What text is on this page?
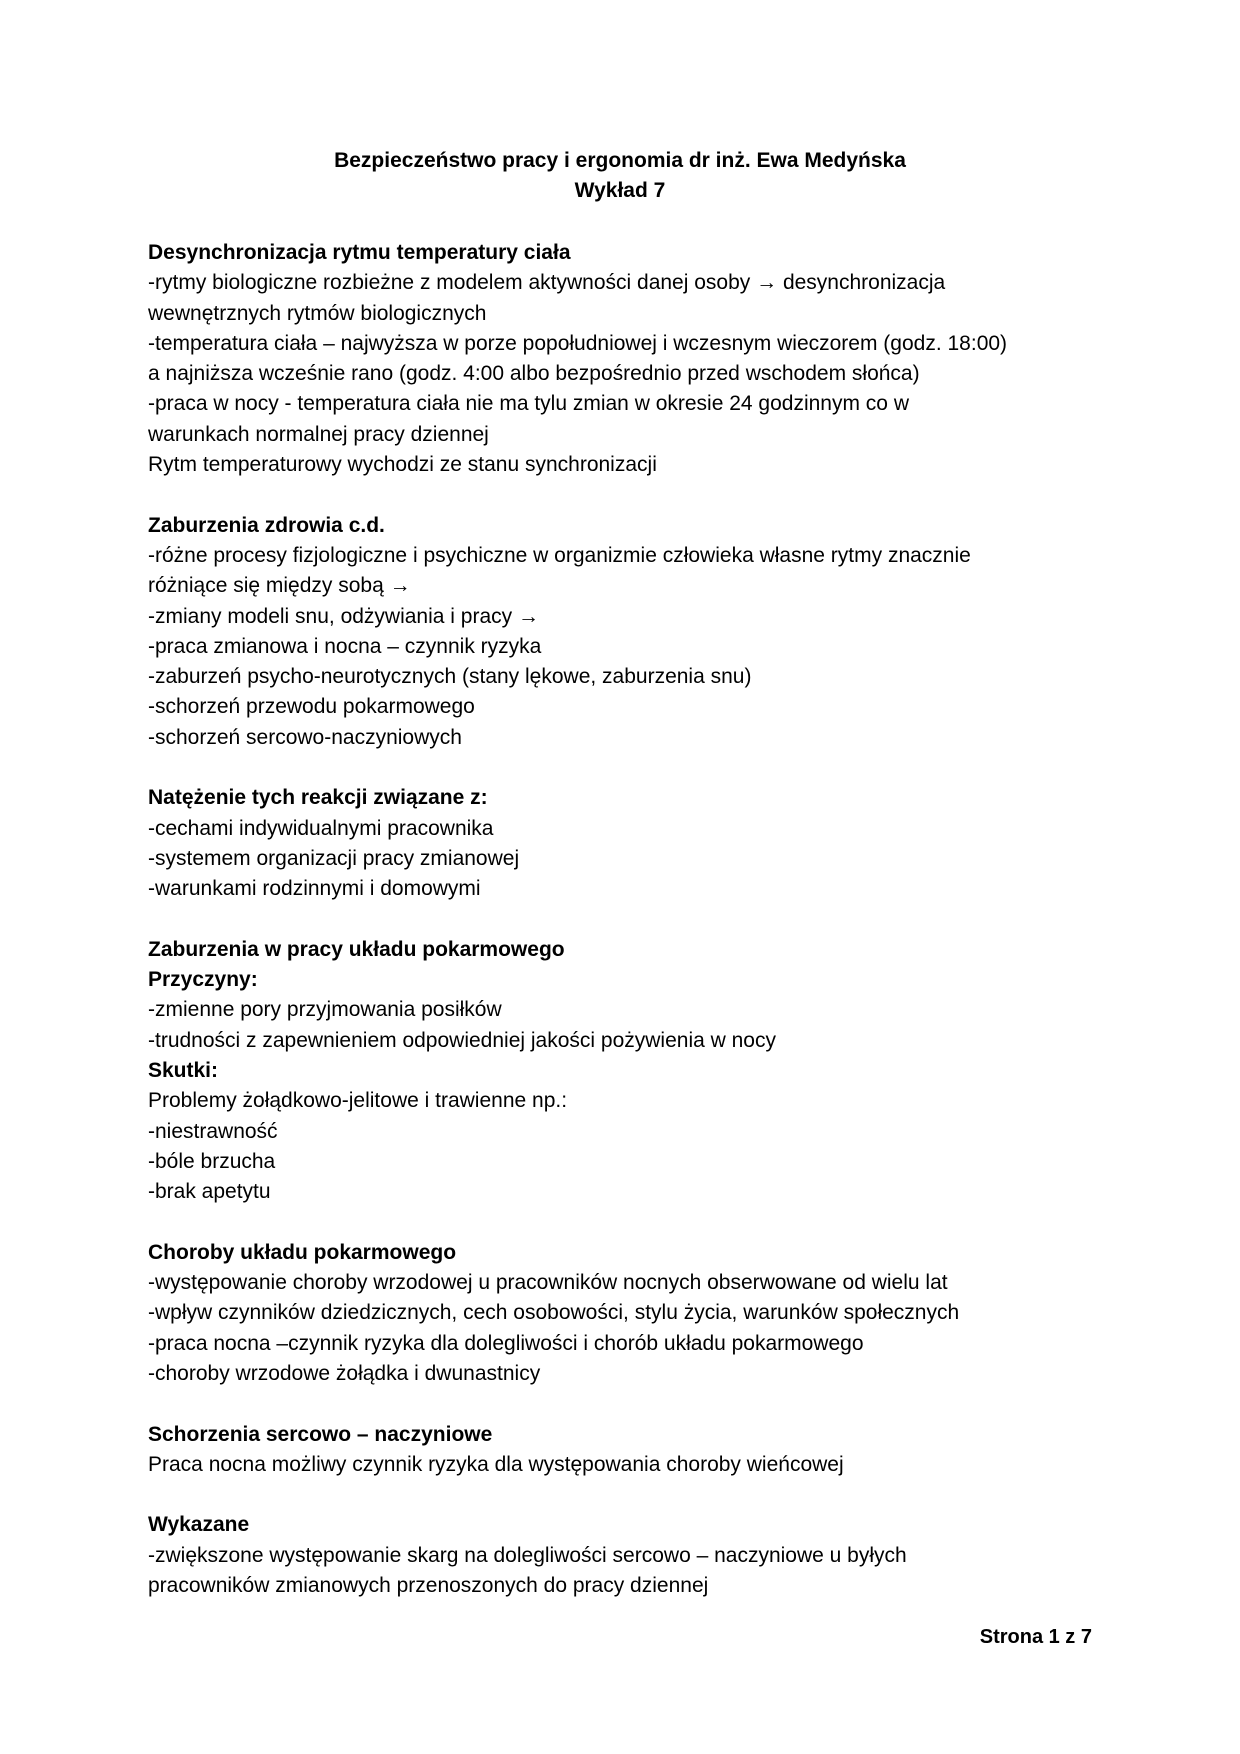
Bezpieczeństwo pracy i ergonomia dr inż. Ewa Medyńska
Wykład 7
Desynchronizacja rytmu temperatury ciała
-rytmy biologiczne rozbieżne z modelem aktywności danej osoby → desynchronizacja
wewnętrznych rytmów biologicznych
-temperatura ciała – najwyższa w porze popołudniowej i wczesnym wieczorem (godz. 18:00)
a najniższa wcześnie rano (godz. 4:00 albo bezpośrednio przed wschodem słońca)
-praca w nocy - temperatura ciała nie ma tylu zmian w okresie 24 godzinnym co w
warunkach normalnej pracy dziennej
Rytm temperaturowy wychodzi ze stanu synchronizacji
Zaburzenia zdrowia c.d.
-różne procesy fizjologiczne i psychiczne w organizmie człowieka własne rytmy znacznie
różniące się między sobą →
-zmiany modeli snu, odżywiania i pracy →
-praca zmianowa i nocna – czynnik ryzyka
-zaburzeń psycho-neurotycznych (stany lękowe, zaburzenia snu)
-schorzeń przewodu pokarmowego
-schorzeń sercowo-naczyniowych
Natężenie tych reakcji związane z:
-cechami indywidualnymi pracownika
-systemem organizacji pracy zmianowej
-warunkami rodzinnymi i domowymi
Zaburzenia w pracy układu pokarmowego
Przyczyny:
-zmienne pory przyjmowania posiłków
-trudności z zapewnieniem odpowiedniej jakości pożywienia w nocy
Skutki:
Problemy żołądkowo-jelitowe i trawienne np.:
-niestrawność
-bóle brzucha
-brak apetytu
Choroby układu pokarmowego
-występowanie choroby wrzodowej u pracowników nocnych obserwowane od wielu lat
-wpływ czynników dziedzicznych, cech osobowości, stylu życia, warunków społecznych
-praca nocna –czynnik ryzyka dla dolegliwości i chorób układu pokarmowego
-choroby wrzodowe żołądka i dwunastnicy
Schorzenia sercowo – naczyniowe
Praca nocna możliwy czynnik ryzyka dla występowania choroby wieńcowej
Wykazane
-zwiększone występowanie skarg na dolegliwości sercowo – naczyniowe u byłych
pracowników zmianowych przenoszonych do pracy dziennej
Strona 1 z 7
